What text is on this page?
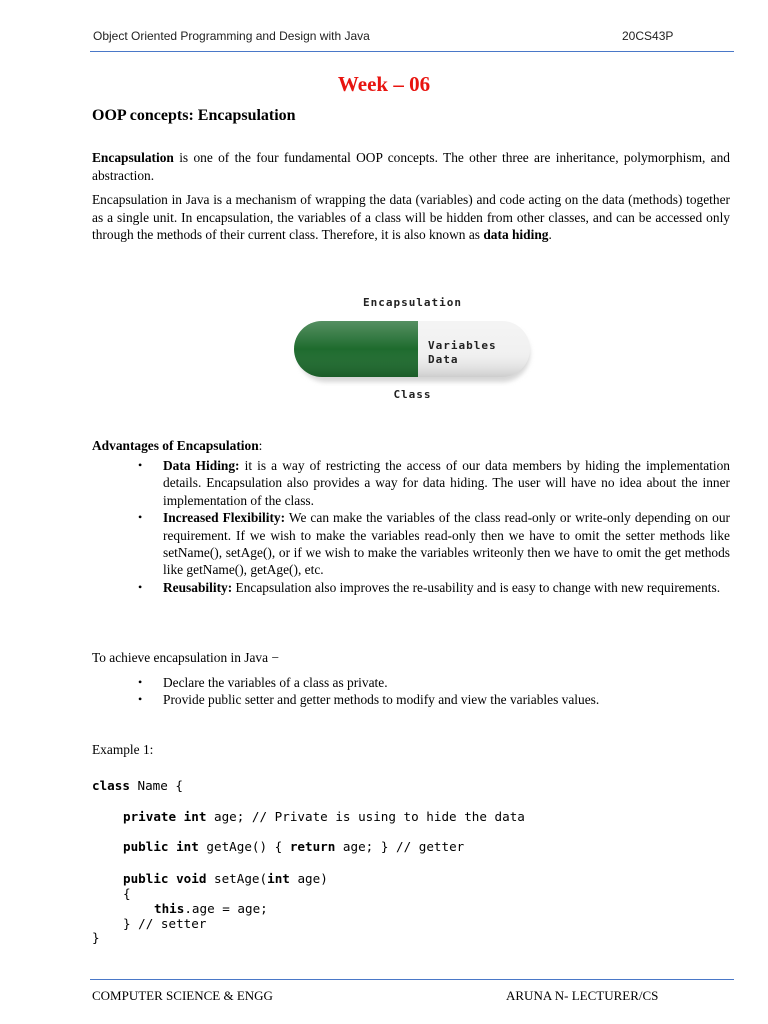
Object Oriented Programming and Design with Java	20CS43P
Week – 06
OOP concepts: Encapsulation
Encapsulation is one of the four fundamental OOP concepts. The other three are inheritance, polymorphism, and abstraction.
Encapsulation in Java is a mechanism of wrapping the data (variables) and code acting on the data (methods) together as a single unit. In encapsulation, the variables of a class will be hidden from other classes, and can be accessed only through the methods of their current class. Therefore, it is also known as data hiding.
Encapsulation
Variables
Data
Class
Advantages of Encapsulation:
• Data Hiding: it is a way of restricting the access of our data members by hiding the implementation details. Encapsulation also provides a way for data hiding. The user will have no idea about the inner implementation of the class.
• Increased Flexibility: We can make the variables of the class read-only or write-only depending on our requirement. If we wish to make the variables read-only then we have to omit the setter methods like setName(), setAge(), or if we wish to make the variables writeonly then we have to omit the get methods like getName(), getAge(), etc.
• Reusability: Encapsulation also improves the re-usability and is easy to change with new requirements.
To achieve encapsulation in Java −
• Declare the variables of a class as private.
• Provide public setter and getter methods to modify and view the variables values.
Example 1:
class Name {
private int age; // Private is using to hide the data
public int getAge() { return age; } // getter
public void setAge(int age)
{
this.age = age;
} // setter
}
COMPUTER SCIENCE & ENGG	ARUNA N- LECTURER/CS
